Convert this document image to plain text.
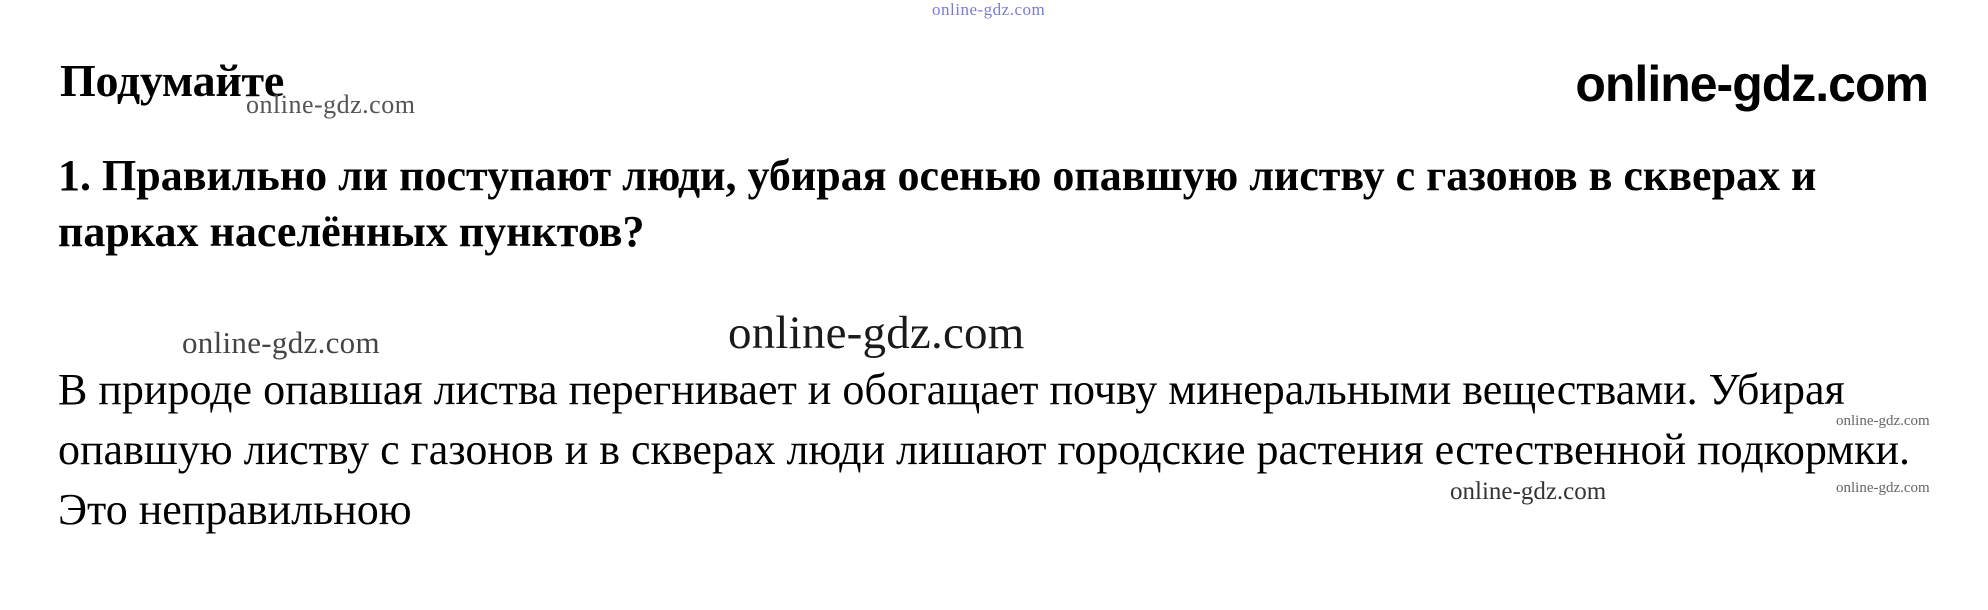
online-gdz.com
Подумайте	online-gdz.com
online-gdz.com
1. Правильно ли поступают люди, убирая осенью опавшую листву с газонов в скверах и парках населённых пунктов?
online-gdz.com	online-gdz.com
В природе опавшая листва перегнивает и обогащает почву минеральными веществами. Убирая опавшую листву с газонов и в скверах люди лишают городские растения естественной подкормки. Это неправильною	online-gdz.com
online-gdz.com
online-gdz.com
